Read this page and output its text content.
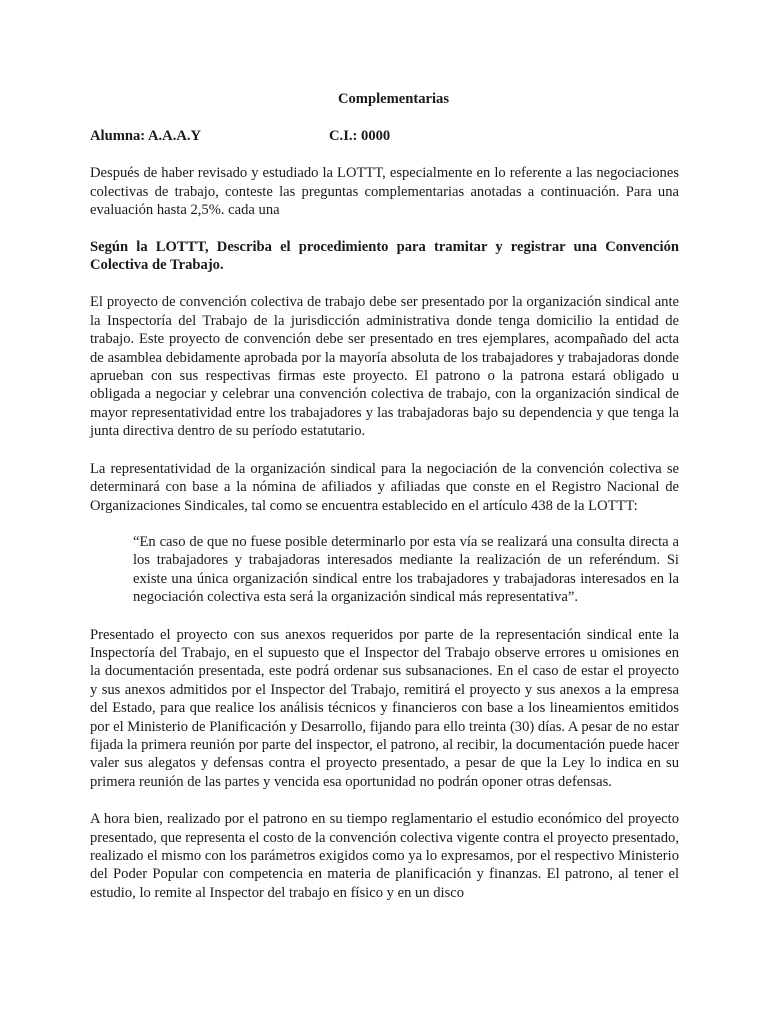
Complementarias

Alumna: A.A.A.Y	C.I.: 0000

Después de haber revisado y estudiado la LOTTT, especialmente en lo referente a las negociaciones colectivas de trabajo, conteste las preguntas complementarias anotadas a continuación. Para una evaluación hasta 2,5%. cada una

Según la LOTTT, Describa el procedimiento para tramitar y registrar una Convención Colectiva de Trabajo.

El proyecto de convención colectiva de trabajo debe ser presentado por la organización sindical ante la Inspectoría del Trabajo de la jurisdicción administrativa donde tenga domicilio la entidad de trabajo. Este proyecto de convención debe ser presentado en tres ejemplares, acompañado del acta de asamblea debidamente aprobada por la mayoría absoluta de los trabajadores y trabajadoras donde aprueban con sus respectivas firmas este proyecto. El patrono o la patrona estará obligado u obligada a negociar y celebrar una convención colectiva de trabajo, con la organización sindical de mayor representatividad entre los trabajadores y las trabajadoras bajo su dependencia y que tenga la junta directiva dentro de su período estatutario.

La representatividad de la organización sindical para la negociación de la convención colectiva se determinará con base a la nómina de afiliados y afiliadas que conste en el Registro Nacional de Organizaciones Sindicales, tal como se encuentra establecido en el artículo 438 de la LOTTT:

“En caso de que no fuese posible determinarlo por esta vía se realizará una consulta directa a los trabajadores y trabajadoras interesados mediante la realización de un referéndum. Si existe una única organización sindical entre los trabajadores y trabajadoras interesados en la negociación colectiva esta será la organización sindical más representativa”.

Presentado el proyecto con sus anexos requeridos por parte de la representación sindical ente la Inspectoría del Trabajo, en el supuesto que el Inspector del Trabajo observe errores u omisiones en la documentación presentada, este podrá ordenar sus subsanaciones. En el caso de estar el proyecto y sus anexos admitidos por el Inspector del Trabajo, remitirá el proyecto y sus anexos a la empresa del Estado, para que realice los análisis técnicos y financieros con base a los lineamientos emitidos por el Ministerio de Planificación y Desarrollo, fijando para ello treinta (30) días. A pesar de no estar fijada la primera reunión por parte del inspector, el patrono, al recibir, la documentación puede hacer valer sus alegatos y defensas contra el proyecto presentado, a pesar de que la Ley lo indica en su primera reunión de las partes y vencida esa oportunidad no podrán oponer otras defensas.

A hora bien, realizado por el patrono en su tiempo reglamentario el estudio económico del proyecto presentado, que representa el costo de la convención colectiva vigente contra el proyecto presentado, realizado el mismo con los parámetros exigidos como ya lo expresamos, por el respectivo Ministerio del Poder Popular con competencia en materia de planificación y finanzas. El patrono, al tener el estudio, lo remite al Inspector del trabajo en físico y en un disco
